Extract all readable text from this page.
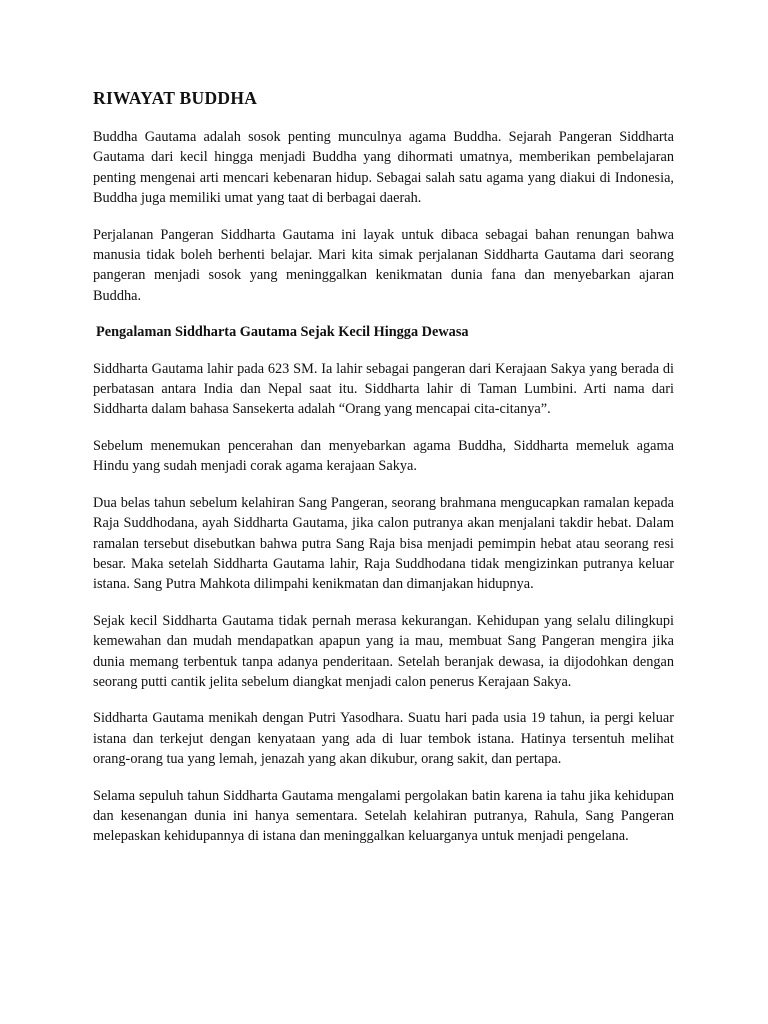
RIWAYAT BUDDHA

Buddha Gautama adalah sosok penting munculnya agama Buddha. Sejarah Pangeran Siddharta Gautama dari kecil hingga menjadi Buddha yang dihormati umatnya, memberikan pembelajaran penting mengenai arti mencari kebenaran hidup. Sebagai salah satu agama yang diakui di Indonesia, Buddha juga memiliki umat yang taat di berbagai daerah.

Perjalanan Pangeran Siddharta Gautama ini layak untuk dibaca sebagai bahan renungan bahwa manusia tidak boleh berhenti belajar. Mari kita simak perjalanan Siddharta Gautama dari seorang pangeran menjadi sosok yang meninggalkan kenikmatan dunia fana dan menyebarkan ajaran Buddha.

Pengalaman Siddharta Gautama Sejak Kecil Hingga Dewasa

Siddharta Gautama lahir pada 623 SM. Ia lahir sebagai pangeran dari Kerajaan Sakya yang berada di perbatasan antara India dan Nepal saat itu. Siddharta lahir di Taman Lumbini. Arti nama dari Siddharta dalam bahasa Sansekerta adalah “Orang yang mencapai cita-citanya”.

Sebelum menemukan pencerahan dan menyebarkan agama Buddha, Siddharta memeluk agama Hindu yang sudah menjadi corak agama kerajaan Sakya.

Dua belas tahun sebelum kelahiran Sang Pangeran, seorang brahmana mengucapkan ramalan kepada Raja Suddhodana, ayah Siddharta Gautama, jika calon putranya akan menjalani takdir hebat. Dalam ramalan tersebut disebutkan bahwa putra Sang Raja bisa menjadi pemimpin hebat atau seorang resi besar. Maka setelah Siddharta Gautama lahir, Raja Suddhodana tidak mengizinkan putranya keluar istana. Sang Putra Mahkota dilimpahi kenikmatan dan dimanjakan hidupnya.

Sejak kecil Siddharta Gautama tidak pernah merasa kekurangan. Kehidupan yang selalu dilingkupi kemewahan dan mudah mendapatkan apapun yang ia mau, membuat Sang Pangeran mengira jika dunia memang terbentuk tanpa adanya penderitaan. Setelah beranjak dewasa, ia dijodohkan dengan seorang putti cantik jelita sebelum diangkat menjadi calon penerus Kerajaan Sakya.

Siddharta Gautama menikah dengan Putri Yasodhara. Suatu hari pada usia 19 tahun, ia pergi keluar istana dan terkejut dengan kenyataan yang ada di luar tembok istana. Hatinya tersentuh melihat orang-orang tua yang lemah, jenazah yang akan dikubur, orang sakit, dan pertapa.

Selama sepuluh tahun Siddharta Gautama mengalami pergolakan batin karena ia tahu jika kehidupan dan kesenangan dunia ini hanya sementara. Setelah kelahiran putranya, Rahula, Sang Pangeran melepaskan kehidupannya di istana dan meninggalkan keluarganya untuk menjadi pengelana.
